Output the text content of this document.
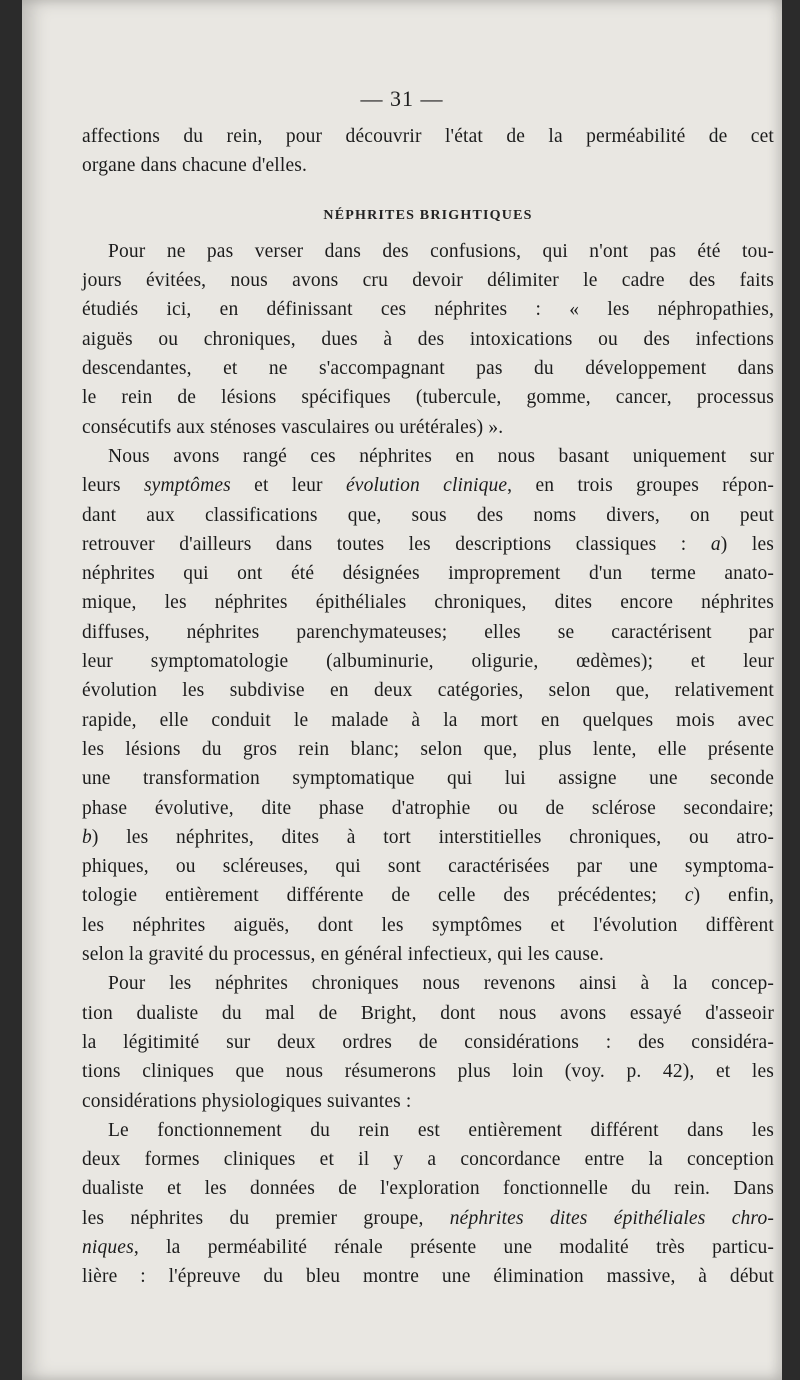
— 31 —

affections du rein, pour découvrir l'état de la perméabilité de cet
organe dans chacune d'elles.

NÉPHRITES BRIGHTIQUES

Pour ne pas verser dans des confusions, qui n'ont pas été tou-
jours évitées, nous avons cru devoir délimiter le cadre des faits
étudiés ici, en définissant ces néphrites : « les néphropathies,
aiguës ou chroniques, dues à des intoxications ou des infections
descendantes, et ne s'accompagnant pas du développement dans
le rein de lésions spécifiques (tubercule, gomme, cancer, processus
consécutifs aux sténoses vasculaires ou urétérales) ».

Nous avons rangé ces néphrites en nous basant uniquement sur
leurs symptômes et leur évolution clinique, en trois groupes répon-
dant aux classifications que, sous des noms divers, on peut
retrouver d'ailleurs dans toutes les descriptions classiques : a) les
néphrites qui ont été désignées improprement d'un terme anato-
mique, les néphrites épithéliales chroniques, dites encore néphrites
diffuses, néphrites parenchymateuses; elles se caractérisent par
leur symptomatologie (albuminurie, oligurie, œdèmes); et leur
évolution les subdivise en deux catégories, selon que, relativement
rapide, elle conduit le malade à la mort en quelques mois avec
les lésions du gros rein blanc; selon que, plus lente, elle présente
une transformation symptomatique qui lui assigne une seconde
phase évolutive, dite phase d'atrophie ou de sclérose secondaire;
b) les néphrites, dites à tort interstitielles chroniques, ou atro-
phiques, ou scléreuses, qui sont caractérisées par une symptoma-
tologie entièrement différente de celle des précédentes; c) enfin,
les néphrites aiguës, dont les symptômes et l'évolution diffèrent
selon la gravité du processus, en général infectieux, qui les cause.

Pour les néphrites chroniques nous revenons ainsi à la concep-
tion dualiste du mal de Bright, dont nous avons essayé d'asseoir
la légitimité sur deux ordres de considérations : des considéra-
tions cliniques que nous résumerons plus loin (voy. p. 42), et les
considérations physiologiques suivantes :

Le fonctionnement du rein est entièrement différent dans les
deux formes cliniques et il y a concordance entre la conception
dualiste et les données de l'exploration fonctionnelle du rein. Dans
les néphrites du premier groupe, néphrites dites épithéliales chro-
niques, la perméabilité rénale présente une modalité très particu-
lière : l'épreuve du bleu montre une élimination massive, à début
